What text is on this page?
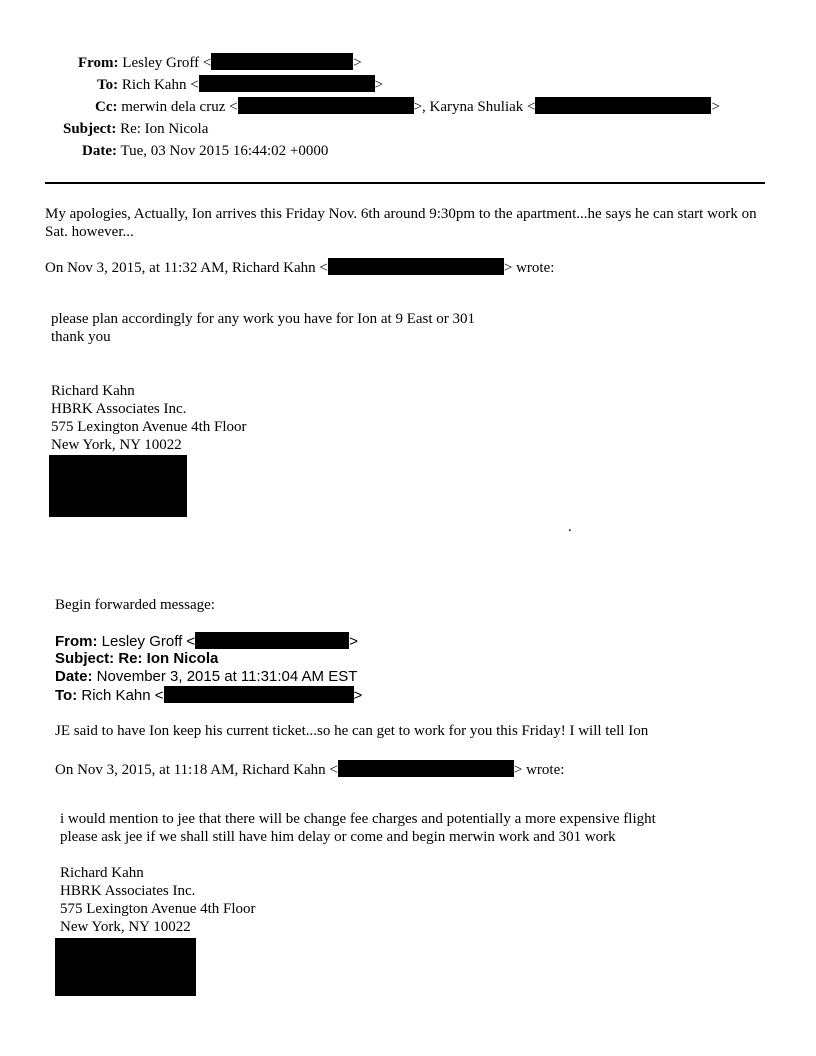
From: Lesley Groff <	>
To: Rich Kahn <	>
Cc: merwin dela cruz <	>, Karyna Shuliak <	>
Subject: Re: Ion Nicola
Date: Tue, 03 Nov 2015 16:44:02 +0000
My apologies, Actually, Ion arrives this Friday Nov. 6th around 9:30pm to the apartment...he says he can start work on Sat. however...
On Nov 3, 2015, at 11:32 AM, Richard Kahn <	> wrote:
please plan accordingly for any work you have for Ion at 9 East or 301
thank you
Richard Kahn
HBRK Associates Inc.
575 Lexington Avenue 4th Floor
New York, NY 10022
.
Begin forwarded message:
From: Lesley Groff <	>
Subject: Re: Ion Nicola
Date: November 3, 2015 at 11:31:04 AM EST
To: Rich Kahn <	>
JE said to have Ion keep his current ticket...so he can get to work for you this Friday! I will tell Ion
On Nov 3, 2015, at 11:18 AM, Richard Kahn <	> wrote:
i would mention to jee that there will be change fee charges and potentially a more expensive flight
please ask jee if we shall still have him delay or come and begin merwin work and 301 work
Richard Kahn
HBRK Associates Inc.
575 Lexington Avenue 4th Floor
New York, NY 10022
